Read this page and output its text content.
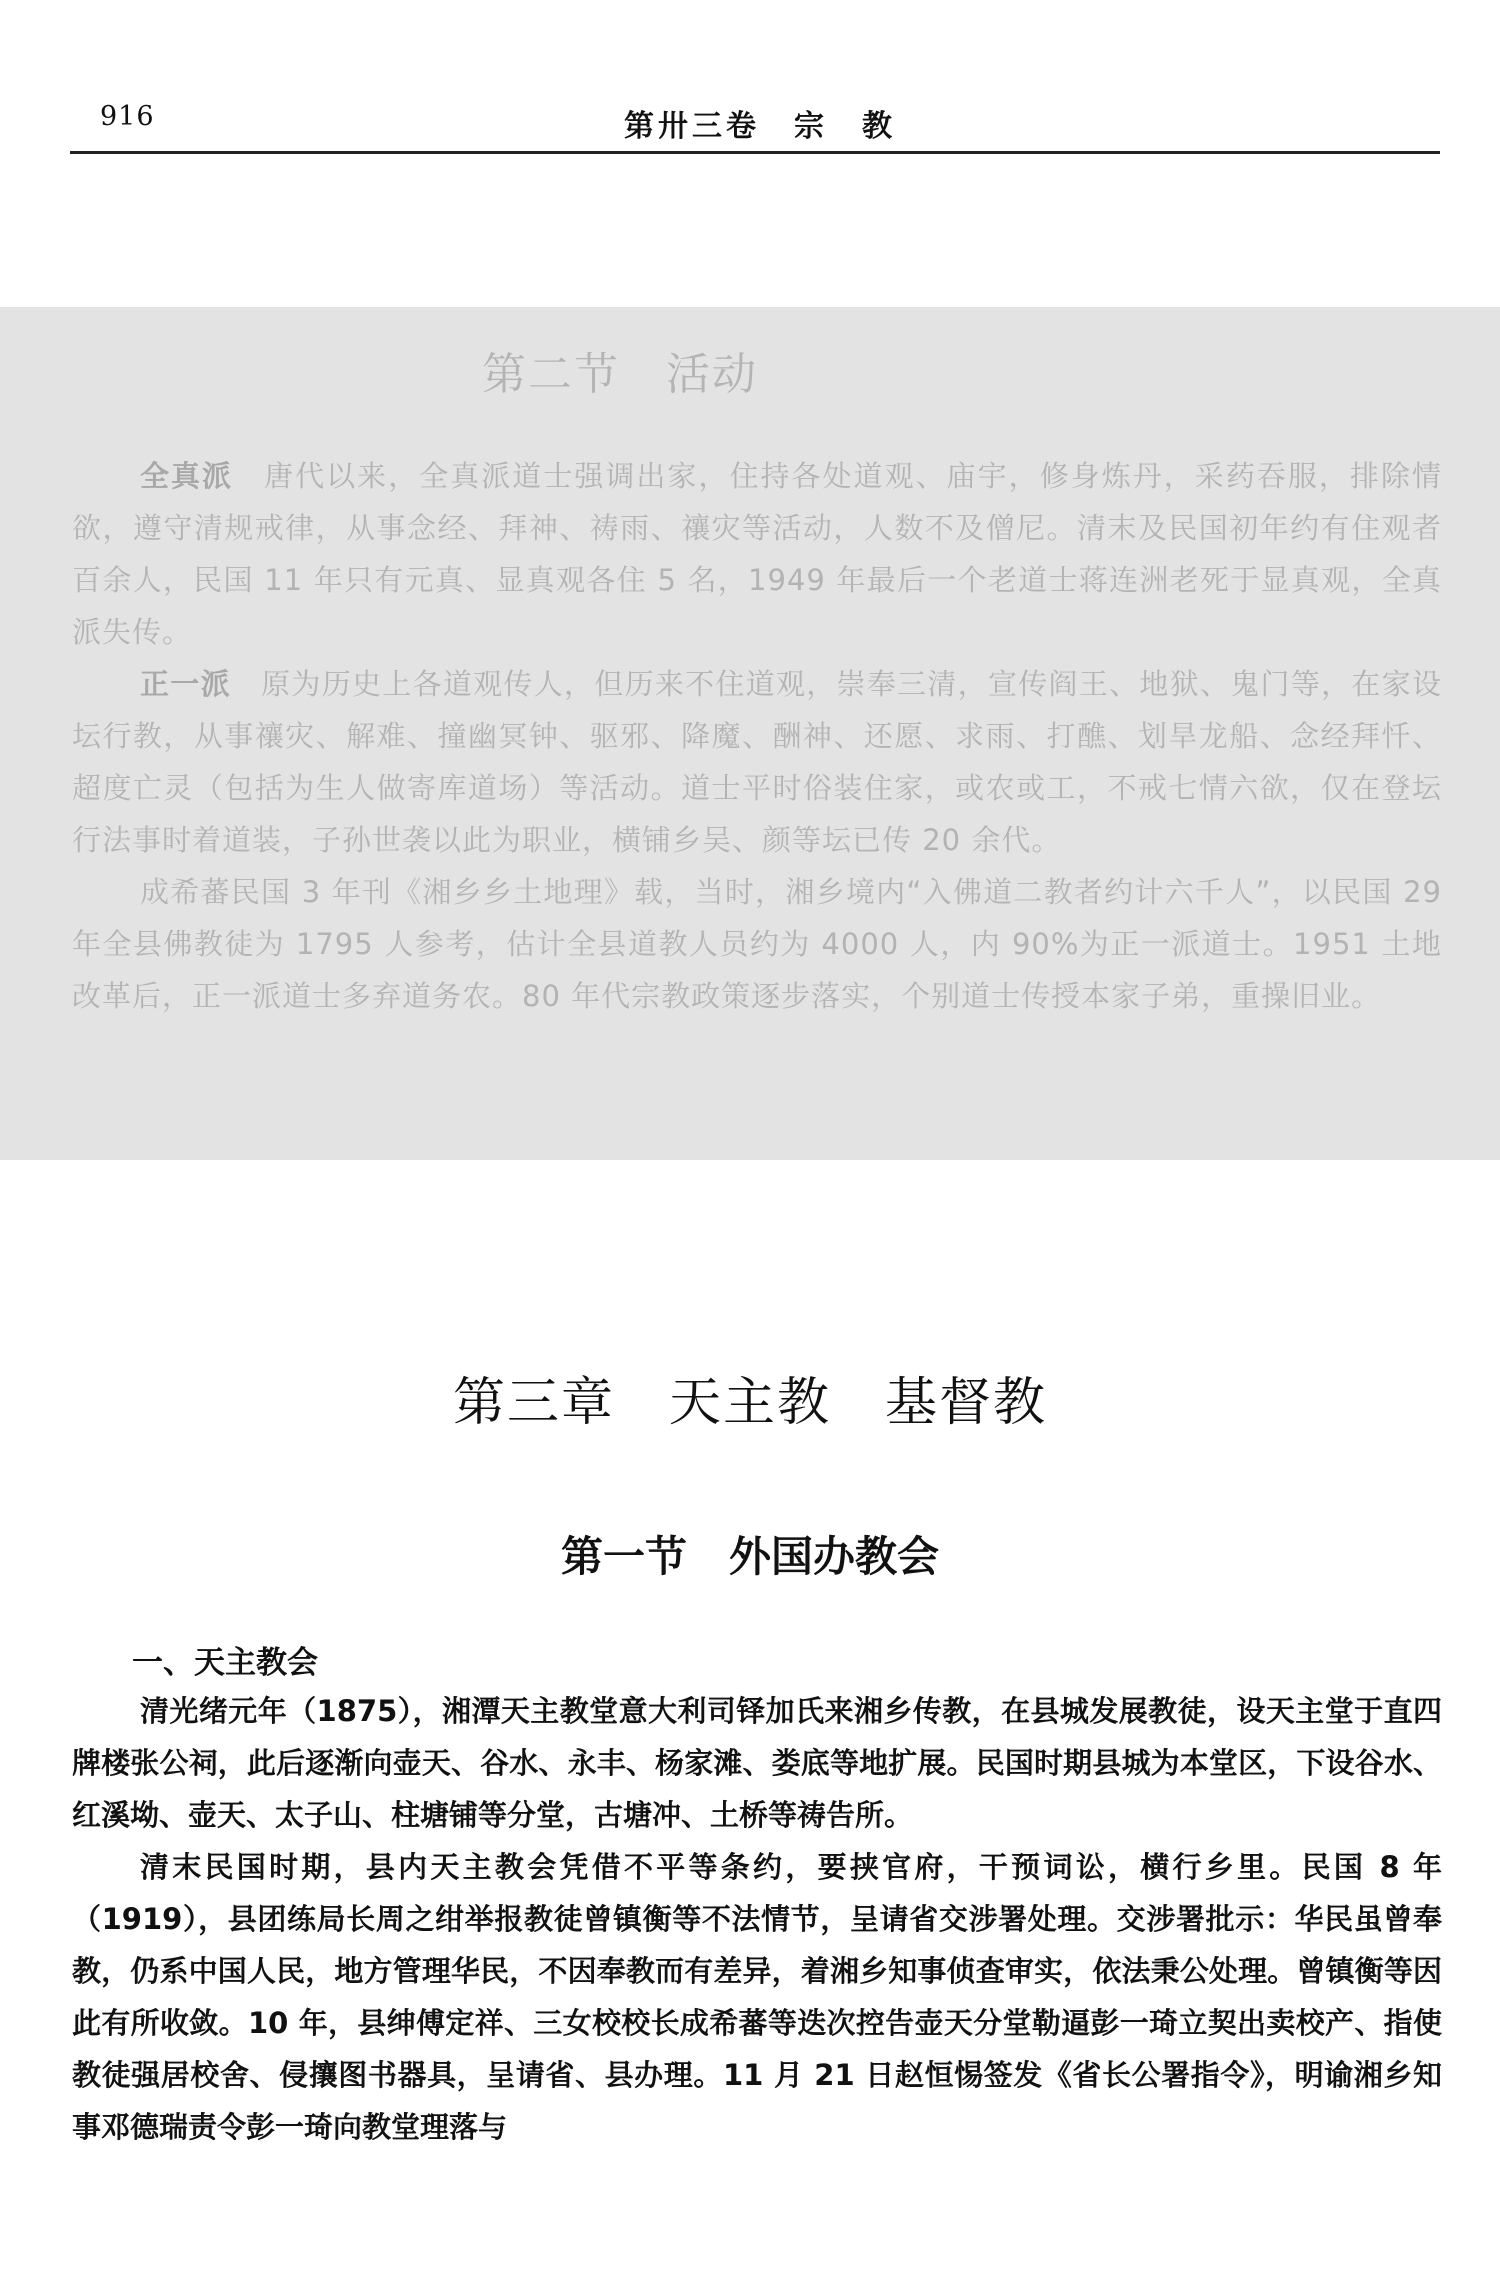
916	第卅三卷　宗　教
第二节　活动

全真派　唐代以来，全真派道士强调出家，住持各处道观、庙宇，修身炼丹，采药吞服，排除情欲，遵守清规戒律，从事念经、拜神、祷雨、禳灾等活动，人数不及僧尼。清末及民国初年约有住观者百余人，民国 11 年只有元真、显真观各住 5 名，1949 年最后一个老道士蒋连洲老死于显真观，全真派失传。

正一派　原为历史上各道观传人，但历来不住道观，崇奉三清，宣传阎王、地狱、鬼门等，在家设坛行教，从事禳灾、解难、撞幽冥钟、驱邪、降魔、酬神、还愿、求雨、打醮、划旱龙船、念经拜忏、超度亡灵（包括为生人做寄库道场）等活动。道士平时俗装住家，或农或工，不戒七情六欲，仅在登坛行法事时着道装，子孙世袭以此为职业，横铺乡吴、颜等坛已传 20 余代。

成希蕃民国 3 年刊《湘乡乡土地理》载，当时，湘乡境内“入佛道二教者约计六千人”，以民国 29 年全县佛教徒为 1795 人参考，估计全县道教人员约为 4000 人，内 90%为正一派道士。1951 土地改革后，正一派道士多弃道务农。80 年代宗教政策逐步落实，个别道士传授本家子弟，重操旧业。

第三章　天主教　基督教
第一节　外国办教会
一、天主教会

清光绪元年（1875），湘潭天主教堂意大利司铎加氏来湘乡传教，在县城发展教徒，设天主堂于直四牌楼张公祠，此后逐渐向壶天、谷水、永丰、杨家滩、娄底等地扩展。民国时期县城为本堂区，下设谷水、红溪坳、壶天、太子山、柱塘铺等分堂，古塘冲、土桥等祷告所。

清末民国时期，县内天主教会凭借不平等条约，要挟官府，干预词讼，横行乡里。民国 8 年（1919），县团练局长周之绀举报教徒曾镇衡等不法情节，呈请省交涉署处理。交涉署批示：华民虽曾奉教，仍系中国人民，地方管理华民，不因奉教而有差异，着湘乡知事侦查审实，依法秉公处理。曾镇衡等因此有所收敛。10 年，县绅傅定祥、三女校校长成希蕃等迭次控告壶天分堂勒逼彭一琦立契出卖校产、指使教徒强居校舍、侵攘图书器具，呈请省、县办理。11 月 21 日赵恒惕签发《省长公署指令》，明谕湘乡知事邓德瑞责令彭一琦向教堂理落与
